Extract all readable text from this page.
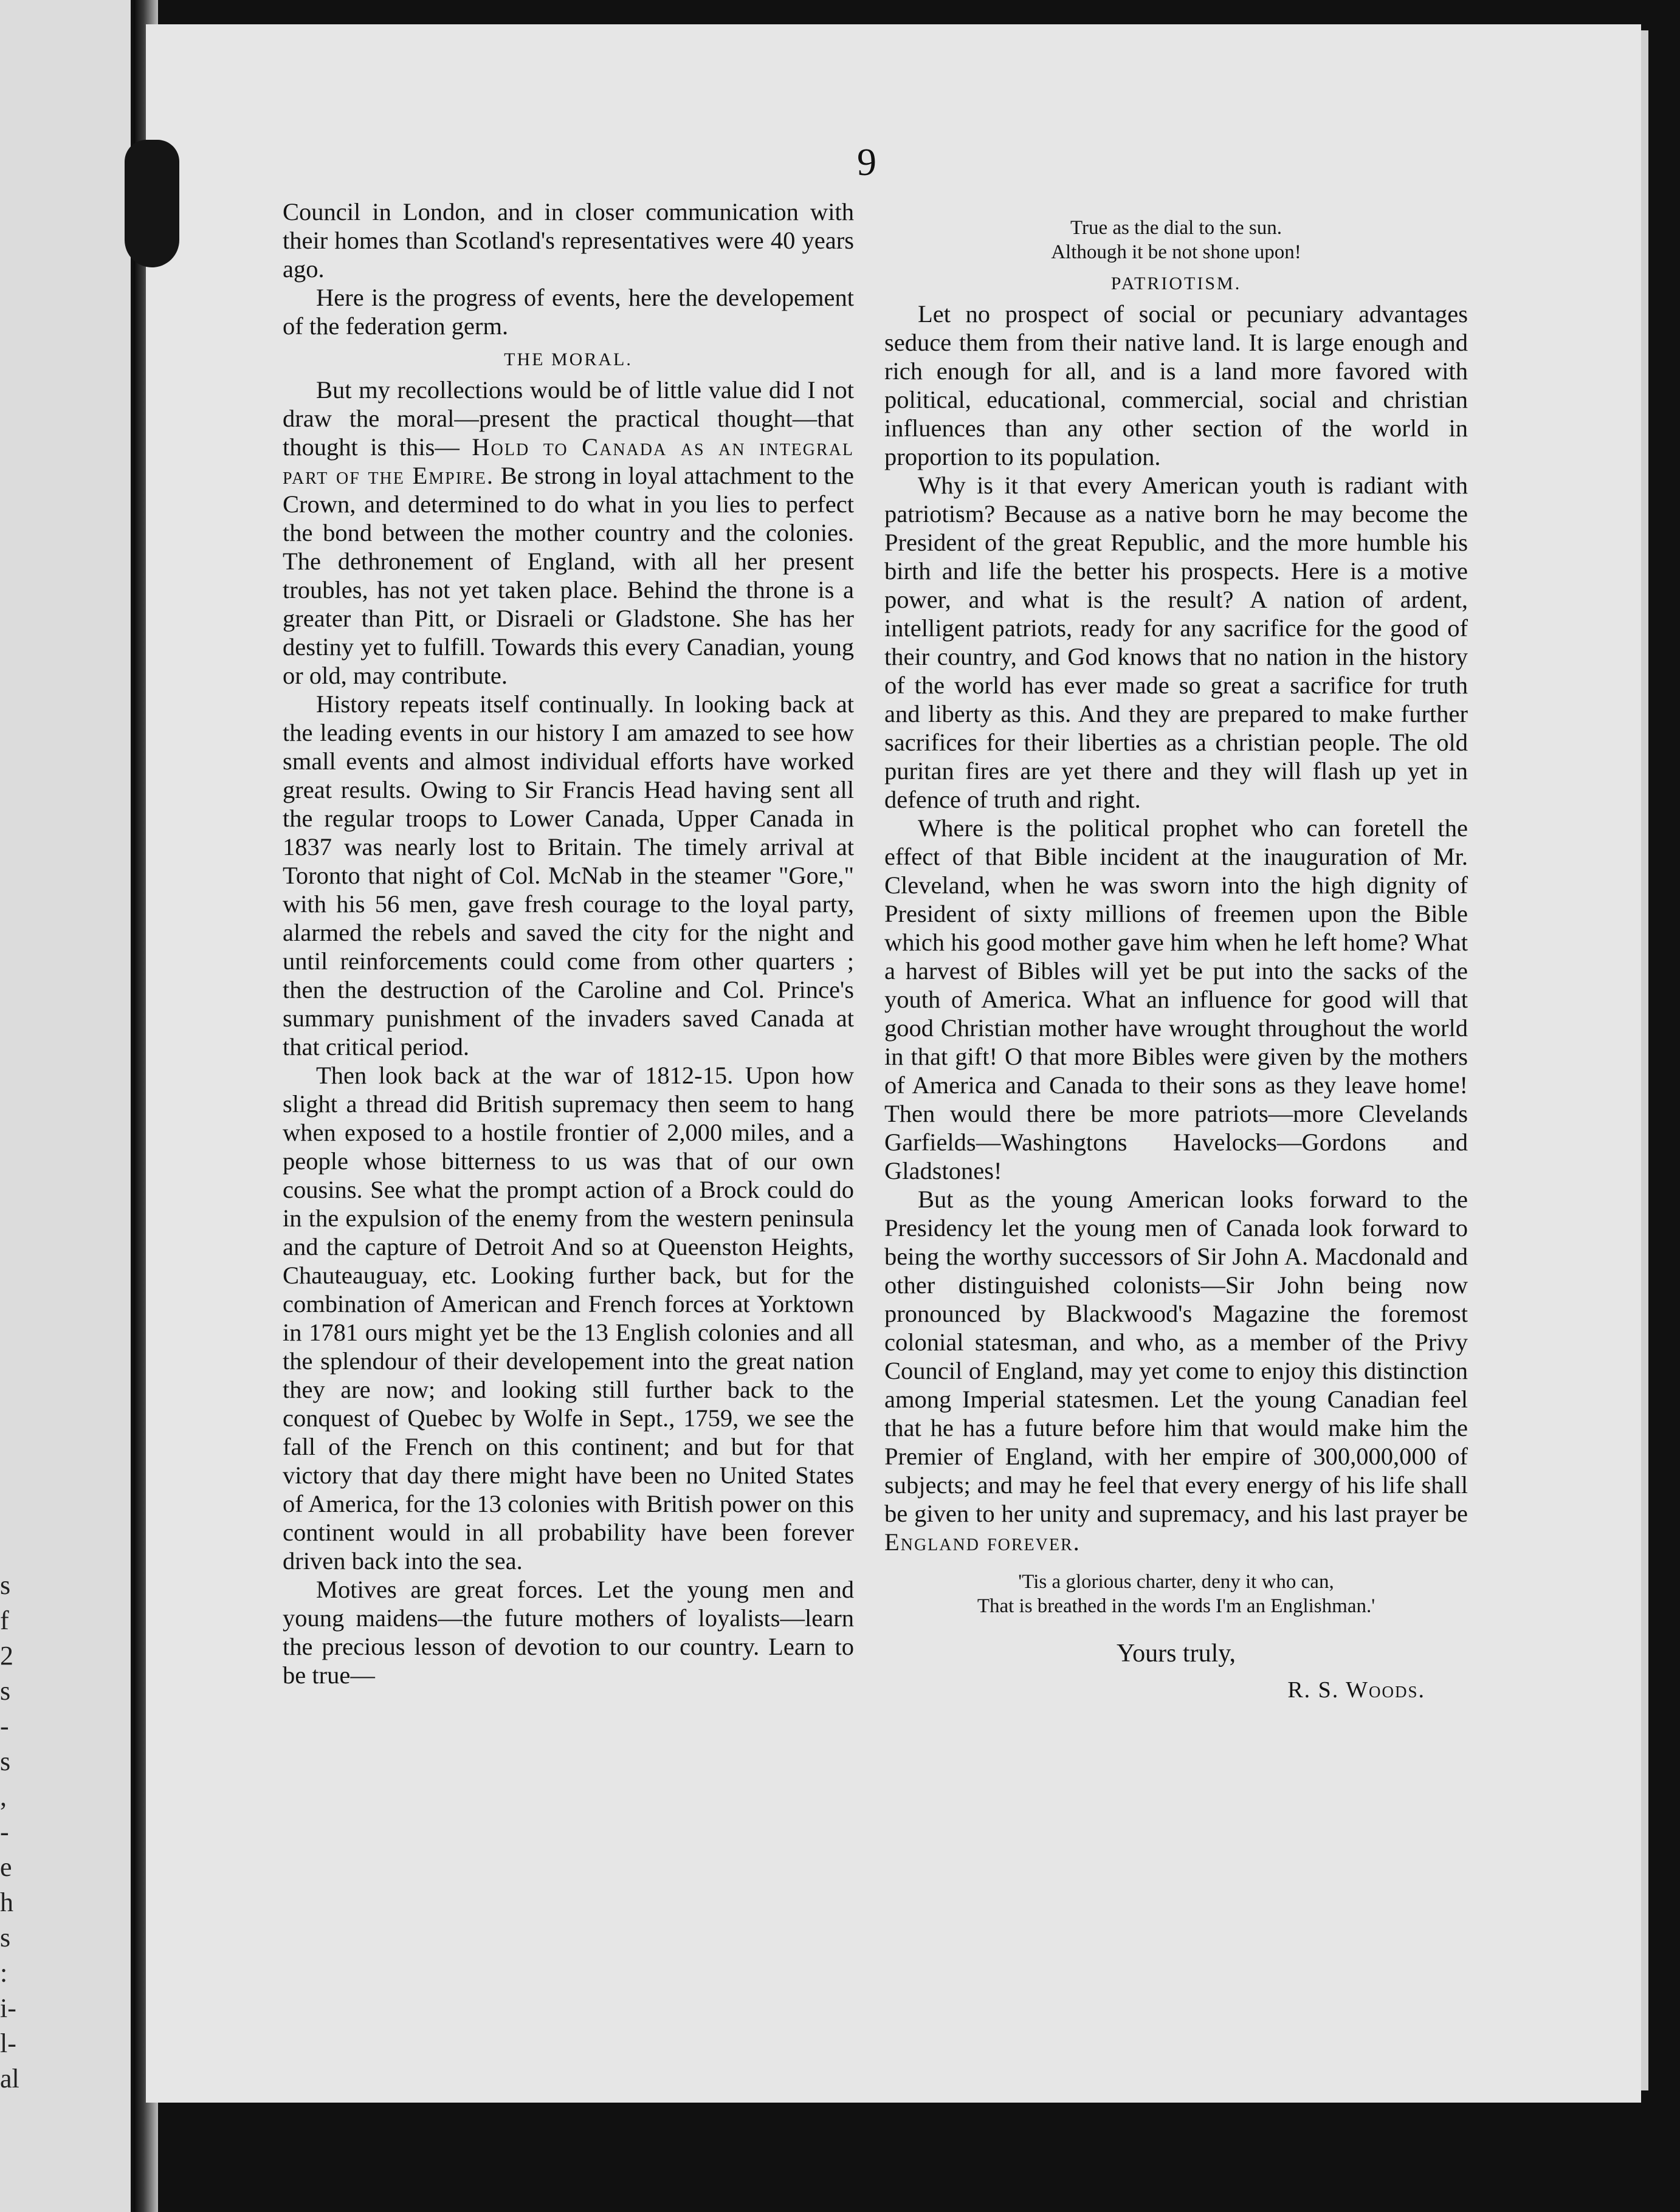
s
f
2
s
-
s
,
-
e
h
s
:
i-
l-
al
9

Council in London, and in closer communication with their homes than Scotland's representatives were 40 years ago.

Here is the progress of events, here the developement of the federation germ.

THE MORAL.

But my recollections would be of little value did I not draw the moral—present the practical thought—that thought is this— Hold to Canada as an integral part of the Empire. Be strong in loyal attachment to the Crown, and determined to do what in you lies to perfect the bond between the mother country and the colonies. The dethronement of England, with all her present troubles, has not yet taken place. Behind the throne is a greater than Pitt, or Disraeli or Gladstone. She has her destiny yet to fulfill. Towards this every Canadian, young or old, may contribute.

History repeats itself continually. In looking back at the leading events in our history I am amazed to see how small events and almost individual efforts have worked great results. Owing to Sir Francis Head having sent all the regular troops to Lower Canada, Upper Canada in 1837 was nearly lost to Britain. The timely arrival at Toronto that night of Col. McNab in the steamer "Gore," with his 56 men, gave fresh courage to the loyal party, alarmed the rebels and saved the city for the night and until reinforcements could come from other quarters ; then the destruction of the Caroline and Col. Prince's summary punishment of the invaders saved Canada at that critical period.

Then look back at the war of 1812-15. Upon how slight a thread did British supremacy then seem to hang when exposed to a hostile frontier of 2,000 miles, and a people whose bitterness to us was that of our own cousins. See what the prompt action of a Brock could do in the expulsion of the enemy from the western peninsula and the capture of Detroit And so at Queenston Heights, Chauteauguay, etc. Looking further back, but for the combination of American and French forces at Yorktown in 1781 ours might yet be the 13 English colonies and all the splendour of their developement into the great nation they are now; and looking still further back to the conquest of Quebec by Wolfe in Sept., 1759, we see the fall of the French on this continent; and but for that victory that day there might have been no United States of America, for the 13 colonies with British power on this continent would in all probability have been forever driven back into the sea.

Motives are great forces. Let the young men and young maidens—the future mothers of loyalists—learn the precious lesson of devotion to our country. Learn to be true—

True as the dial to the sun.

Although it be not shone upon!

PATRIOTISM.

Let no prospect of social or pecuniary advantages seduce them from their native land. It is large enough and rich enough for all, and is a land more favored with political, educational, commercial, social and christian influences than any other section of the world in proportion to its population.

Why is it that every American youth is radiant with patriotism? Because as a native born he may become the President of the great Republic, and the more humble his birth and life the better his prospects. Here is a motive power, and what is the result? A nation of ardent, intelligent patriots, ready for any sacrifice for the good of their country, and God knows that no nation in the history of the world has ever made so great a sacrifice for truth and liberty as this. And they are prepared to make further sacrifices for their liberties as a christian people. The old puritan fires are yet there and they will flash up yet in defence of truth and right.

Where is the political prophet who can foretell the effect of that Bible incident at the inauguration of Mr. Cleveland, when he was sworn into the high dignity of President of sixty millions of freemen upon the Bible which his good mother gave him when he left home? What a harvest of Bibles will yet be put into the sacks of the youth of America. What an influence for good will that good Christian mother have wrought throughout the world in that gift! O that more Bibles were given by the mothers of America and Canada to their sons as they leave home! Then would there be more patriots—more Clevelands Garfields—Washingtons Havelocks—Gordons and Gladstones!

But as the young American looks forward to the Presidency let the young men of Canada look forward to being the worthy successors of Sir John A. Macdonald and other distinguished colonists—Sir John being now pronounced by Blackwood's Magazine the foremost colonial statesman, and who, as a member of the Privy Council of England, may yet come to enjoy this distinction among Imperial statesmen. Let the young Canadian feel that he has a future before him that would make him the Premier of England, with her empire of 300,000,000 of subjects; and may he feel that every energy of his life shall be given to her unity and supremacy, and his last prayer be England forever.

'Tis a glorious charter, deny it who can,

That is breathed in the words I'm an Englishman.'

Yours truly,
R. S. Woods.
